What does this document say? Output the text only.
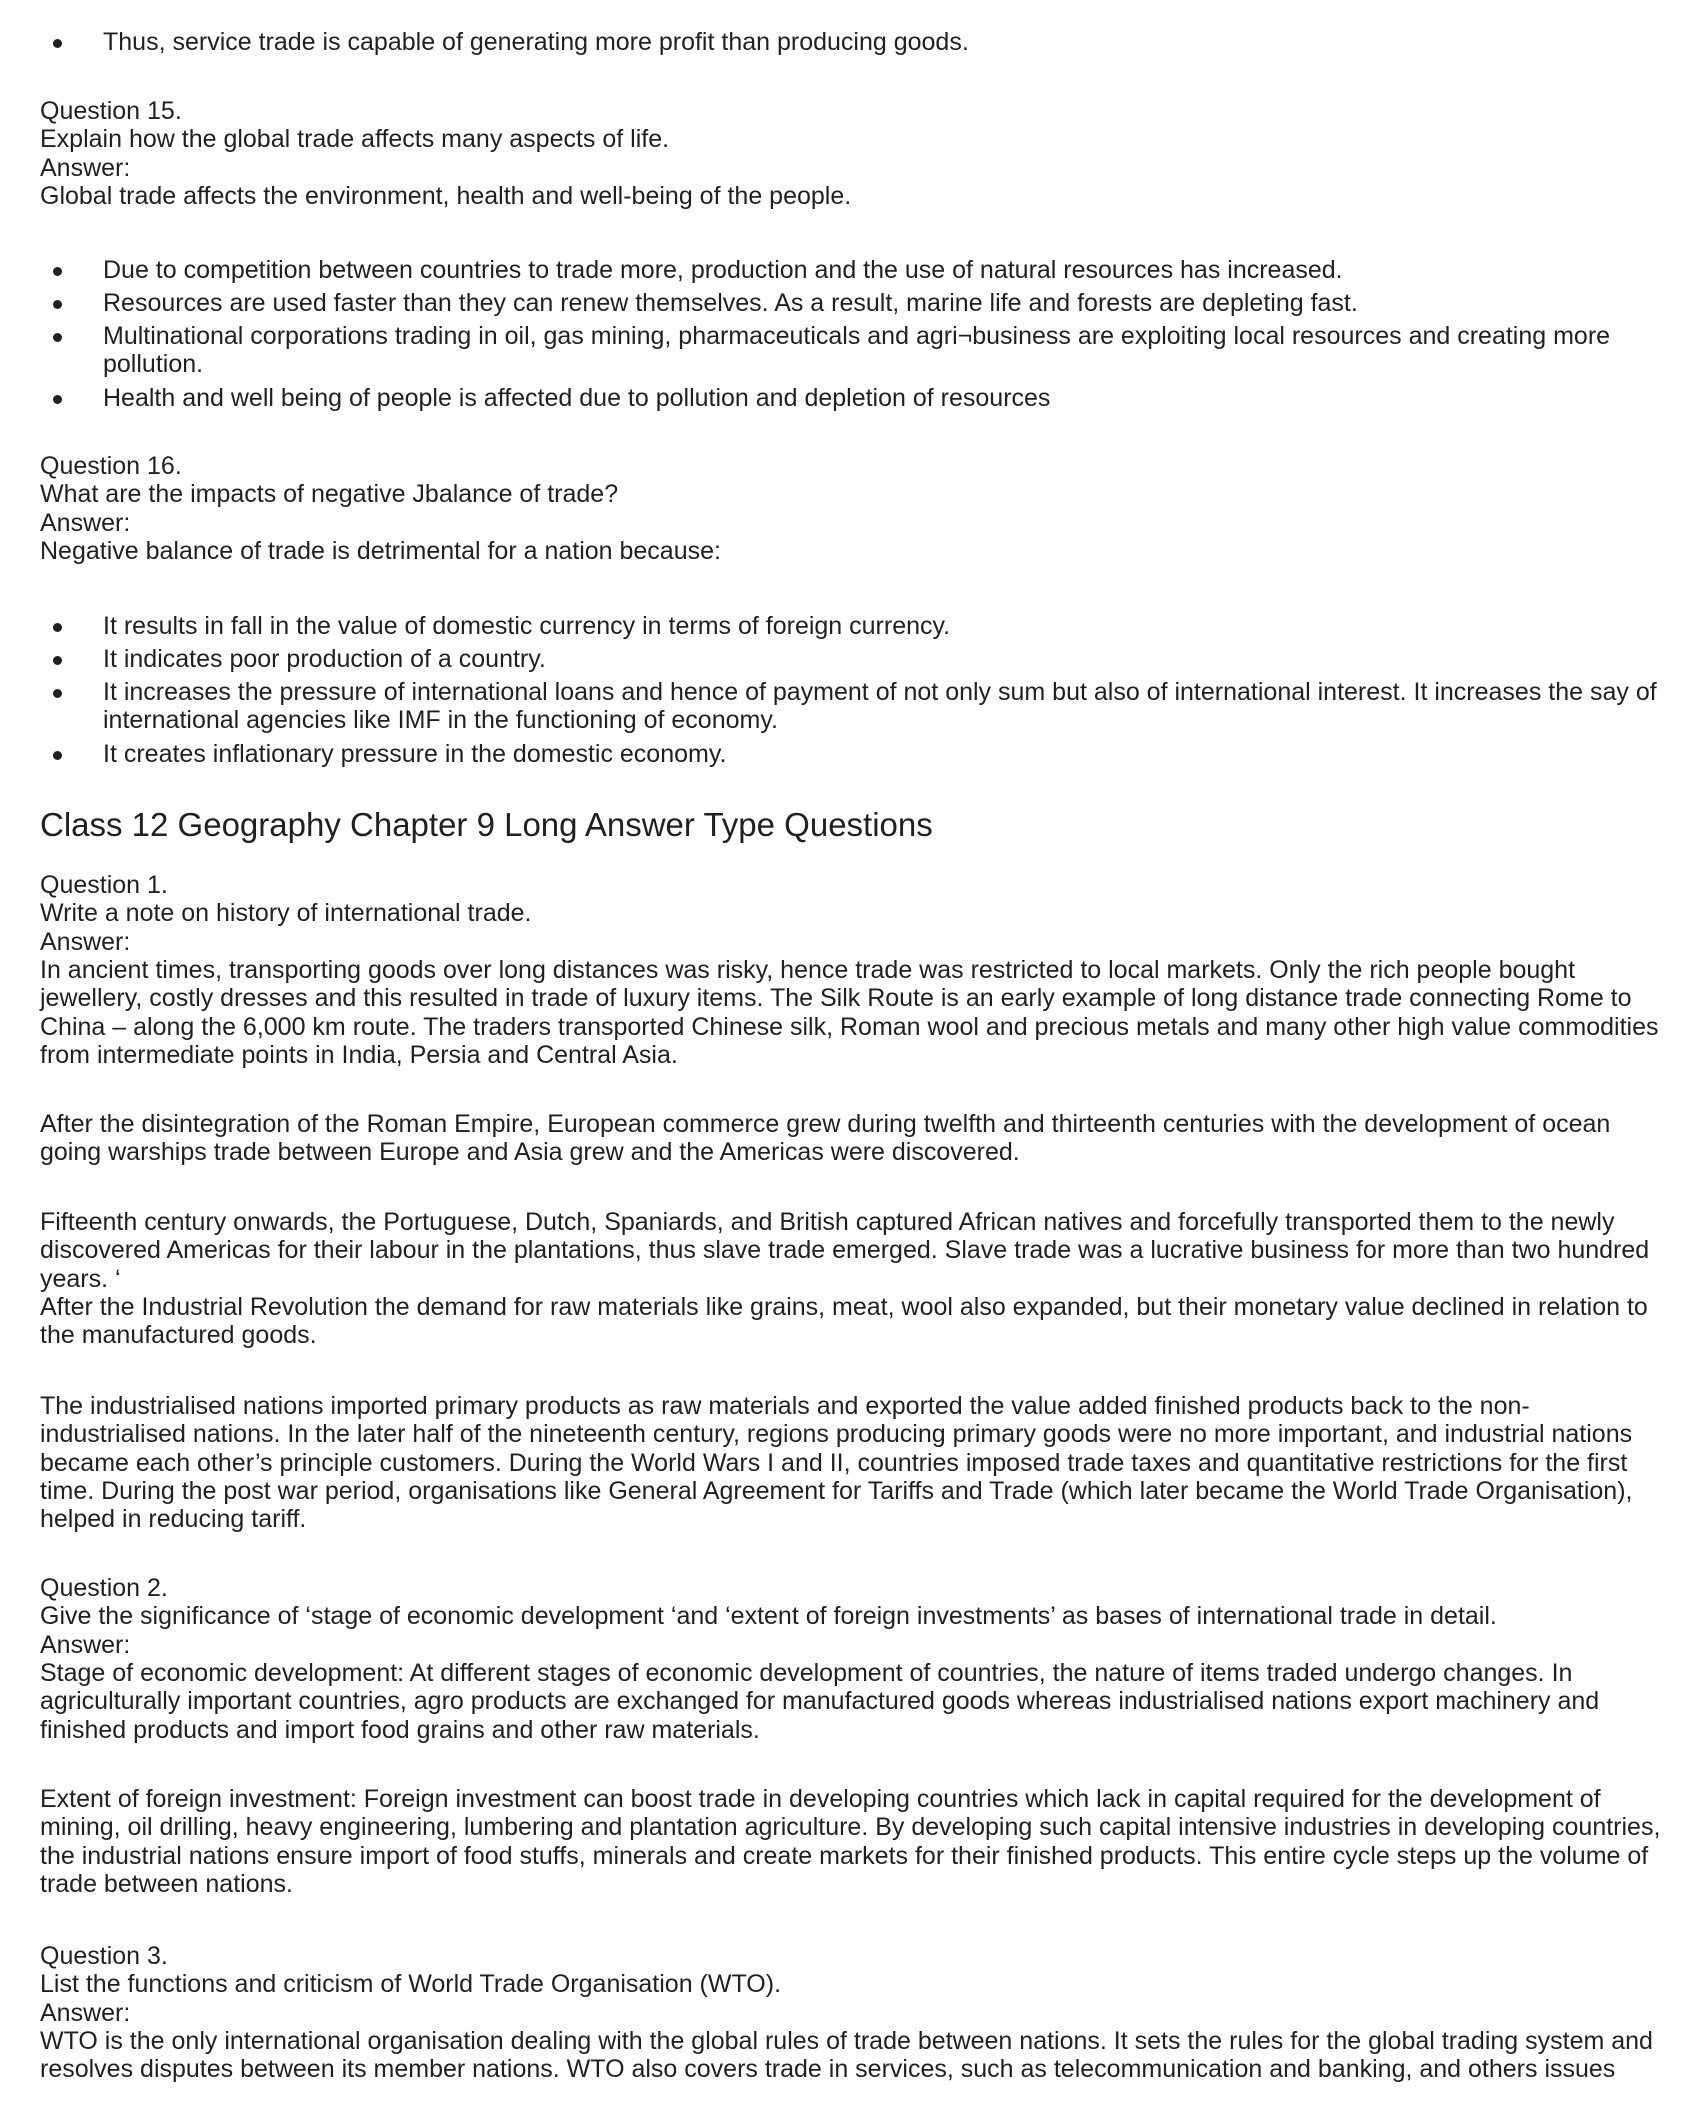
Thus, service trade is capable of generating more profit than producing goods.
Question 15.
Explain how the global trade affects many aspects of life.
Answer:
Global trade affects the environment, health and well-being of the people.
Due to competition between countries to trade more, production and the use of natural resources has increased.
Resources are used faster than they can renew themselves. As a result, marine life and forests are depleting fast.
Multinational corporations trading in oil, gas mining, pharmaceuticals and agri¬business are exploiting local resources and creating more pollution.
Health and well being of people is affected due to pollution and depletion of resources
Question 16.
What are the impacts of negative Jbalance of trade?
Answer:
Negative balance of trade is detrimental for a nation because:
It results in fall in the value of domestic currency in terms of foreign currency.
It indicates poor production of a country.
It increases the pressure of international loans and hence of payment of not only sum but also of international interest. It increases the say of international agencies like IMF in the functioning of economy.
It creates inflationary pressure in the domestic economy.
Class 12 Geography Chapter 9 Long Answer Type Questions
Question 1.
Write a note on history of international trade.
Answer:

In ancient times, transporting goods over long distances was risky, hence trade was restricted to local markets. Only the rich people bought jewellery, costly dresses and this resulted in trade of luxury items. The Silk Route is an early example of long distance trade connecting Rome to China – along the 6,000 km route. The traders transported Chinese silk, Roman wool and precious metals and many other high value commodities from intermediate points in India, Persia and Central Asia.

After the disintegration of the Roman Empire, European commerce grew during twelfth and thirteenth centuries with the development of ocean going warships trade between Europe and Asia grew and the Americas were discovered.

Fifteenth century onwards, the Portuguese, Dutch, Spaniards, and British captured African natives and forcefully transported them to the newly discovered Americas for their labour in the plantations, thus slave trade emerged. Slave trade was a lucrative business for more than two hundred years. ‘

After the Industrial Revolution the demand for raw materials like grains, meat, wool also expanded, but their monetary value declined in relation to the manufactured goods.

The industrialised nations imported primary products as raw materials and exported the value added finished products back to the non-industrialised nations. In the later half of the nineteenth century, regions producing primary goods were no more important, and industrial nations became each other’s principle customers. During the World Wars I and II, countries imposed trade taxes and quantitative restrictions for the first time. During the post war period, organisations like General Agreement for Tariffs and Trade (which later became the World Trade Organisation), helped in reducing tariff.

Question 2.
Give the significance of ‘stage of economic development ‘and ‘extent of foreign investments’ as bases of international trade in detail.
Answer:

Stage of economic development: At different stages of economic development of countries, the nature of items traded undergo changes. In agriculturally important countries, agro products are exchanged for manufactured goods whereas industrialised nations export machinery and finished products and import food grains and other raw materials.

Extent of foreign investment: Foreign investment can boost trade in developing countries which lack in capital required for the development of mining, oil drilling, heavy engineering, lumbering and plantation agriculture. By developing such capital intensive industries in developing countries, the industrial nations ensure import of food stuffs, minerals and create markets for their finished products. This entire cycle steps up the volume of trade between nations.

Question 3.
List the functions and criticism of World Trade Organisation (WTO).
Answer:

WTO is the only international organisation dealing with the global rules of trade between nations. It sets the rules for the global trading system and resolves disputes between its member nations. WTO also covers trade in services, such as telecommunication and banking, and others issues
